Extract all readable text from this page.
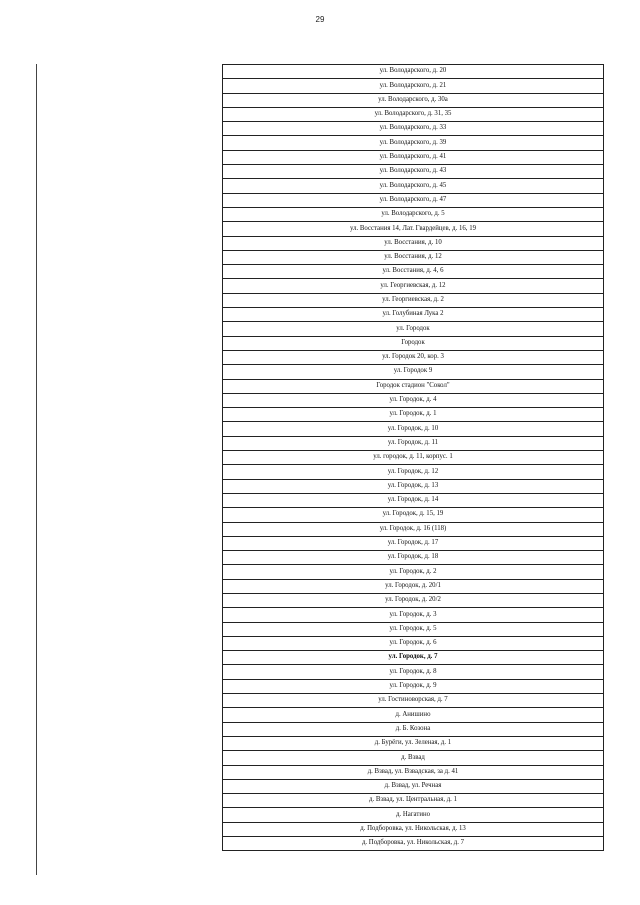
29
ул. Володарского, д. 20
ул. Володарского, д. 21
ул. Володарского, д. 30а
ул. Володарского, д. 31, 35
ул. Володарского, д. 33
ул. Володарского, д. 39
ул. Володарского, д. 41
ул. Володарского, д. 43
ул. Володарского, д. 45
ул. Володарского, д. 47
ул. Володарского, д. 5
ул. Восстания 14, Лат. Гвардейцев, д. 16, 19
ул. Восстания, д. 10
ул. Восстания, д. 12
ул. Восстания, д. 4, 6
ул. Георгиевская, д. 12
ул. Георгиевская, д. 2
ул. Голубиная Лука 2
ул. Городок
Городок
ул. Городок 20, кор. 3
ул. Городок 9
Городок стадион "Сокол"
ул. Городок, д. 4
ул. Городок, д. 1
ул. Городок, д. 10
ул. Городок, д. 11
ул. городок, д. 11, корпус. 1
ул. Городок, д. 12
ул. Городок, д. 13
ул. Городок, д. 14
ул. Городок, д. 15, 19
ул. Городок, д. 16 (118)
ул. Городок, д. 17
ул. Городок, д. 18
ул. Городок, д. 2
ул. Городок, д. 20/1
ул. Городок, д. 20/2
ул. Городок, д. 3
ул. Городок, д. 5
ул. Городок, д. 6
ул. Городок, д. 7
ул. Городок, д. 8
ул. Городок, д. 9
ул. Гостиноворская, д. 7
д. Анишино
д. Б. Козона
д. Бурёги, ул. Зеленая, д. 1
д. Взвад
д. Взвад, ул. Взвадская, за д. 41
д. Взвад, ул. Речная
д. Взвад, ул. Центральная, д. 1
д. Нагатино
д. Подборовка, ул. Никольская, д. 13
д. Подборовка, ул. Никольская, д. 7
